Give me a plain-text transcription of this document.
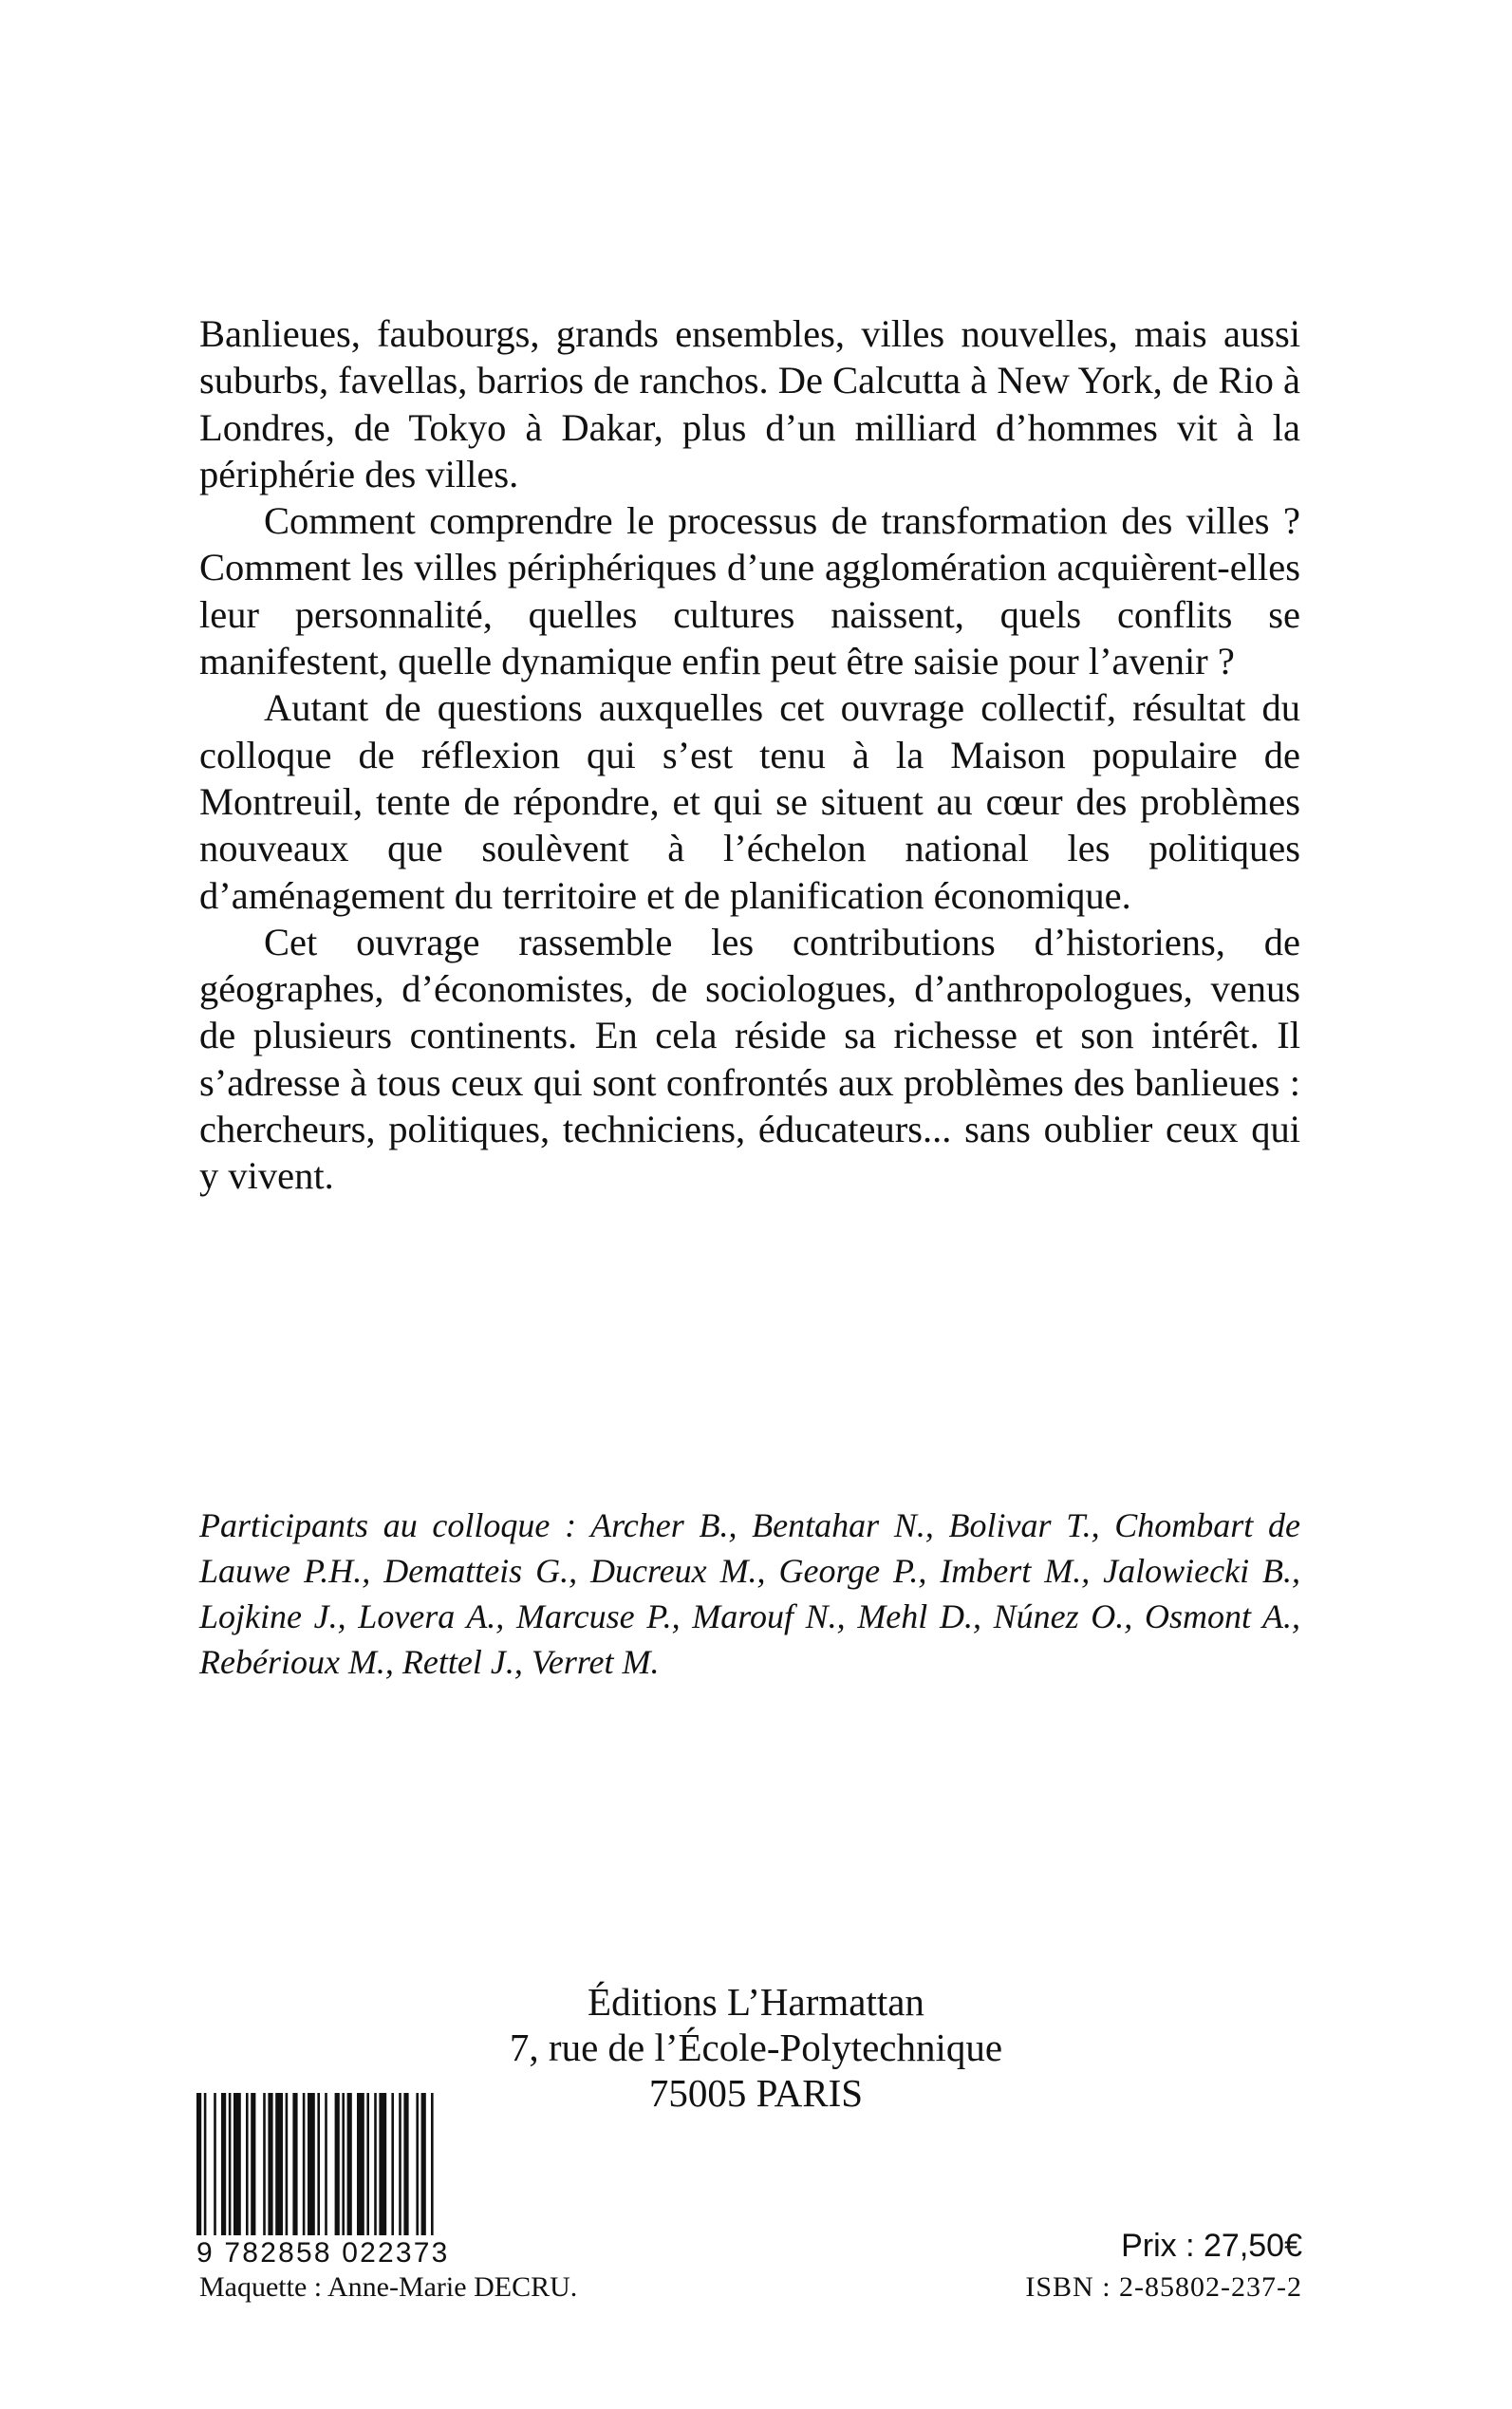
Banlieues, faubourgs, grands ensembles, villes nouvelles, mais aussi suburbs, favellas, barrios de ranchos. De Calcutta à New York, de Rio à Londres, de Tokyo à Dakar, plus d’un milliard d’hommes vit à la périphérie des villes.

Comment comprendre le processus de transformation des villes ? Comment les villes périphériques d’une agglomération acquièrent-elles leur personnalité, quelles cultures naissent, quels conflits se manifestent, quelle dynamique enfin peut être saisie pour l’avenir ?

Autant de questions auxquelles cet ouvrage collectif, résultat du colloque de réflexion qui s’est tenu à la Maison populaire de Montreuil, tente de répondre, et qui se situent au cœur des problèmes nouveaux que soulèvent à l’échelon national les politiques d’aménagement du territoire et de planification économique.

Cet ouvrage rassemble les contributions d’historiens, de géographes, d’économistes, de sociologues, d’anthropologues, venus de plusieurs continents. En cela réside sa richesse et son intérêt. Il s’adresse à tous ceux qui sont confrontés aux problèmes des banlieues : chercheurs, politiques, techniciens, éducateurs... sans oublier ceux qui y vivent.

Participants au colloque : Archer B., Bentahar N., Bolivar T., Chombart de Lauwe P.H., Dematteis G., Ducreux M., George P., Imbert M., Jalowiecki B., Lojkine J., Lovera A., Marcuse P., Marouf N., Mehl D., Núnez O., Osmont A., Rebérioux M., Rettel J., Verret M.
Éditions L’Harmattan
7, rue de l’École-Polytechnique
75005 PARIS
9 782858 022373
Maquette : Anne-Marie DECRU.
Prix : 27,50€
ISBN : 2-85802-237-2
